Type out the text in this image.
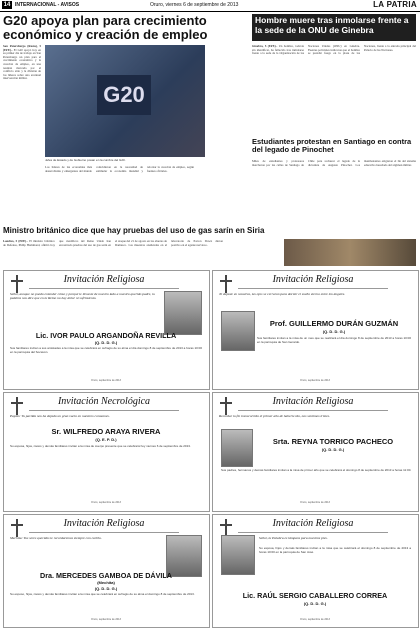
14 INTERNACIONAL - AVISOS	Oruro, viernes 6 de septiembre de 2013	LA PATRIA
G20 apoya plan para crecimiento económico y creación de empleo
San Petersburgo (Rusia), 5 (EFE).- El G20 apoyó hoy en su primer día de trabajo en San Petersburgo un plan para el crecimiento económico y la creación de empleo, en una reunión marcada por el conflicto sirio y la división de los líderes sobre una eventual intervención militar.
G20
Jefes de Estado y de Gobierno posan en la cumbre del G20.
Los líderes de las economías más desarrolladas y emergentes del mundo coincidieron en la necesidad de estimular la economía mundial y reforzar la creación de empleo, según fuentes oficiales.
Hombre muere tras inmolarse frente a la sede de la ONU de Ginebra
Ginebra, 5 (EFE).- Un hombre, todavía sin identificar, ha fallecido tras inmolarse frente a la sede de la Organización de las Naciones Unidas (ONU) en Ginebra. Fuentes policiales indicaron que el hombre se prendió fuego en la plaza de las Naciones, frente a la entrada principal del Palacio de las Naciones.
Estudiantes protestan en Santiago en contra del legado de Pinochet
Miles de estudiantes y profesores marcharon por las calles de Santiago de Chile para rechazar el legado de la dictadura de Augusto Pinochet. Los manifestantes exigieron el fin del sistema educativo heredado del régimen militar.
Ministro británico dice que hay pruebas del uso de gas sarín en Siria
Londres, 5 (EFE).- El ministro británico de Defensa, Philip Hammond, afirmó hoy que científicos del Reino Unido han encontrado pruebas del uso de gas sarín en el ataque del 21 de agosto en las afueras de Damasco. Las muestras analizadas en el laboratorio de Porton Down dieron positivo en el agente nervioso.
Invitación Religiosa
Señor, aunque no puedo entender cómo y porqué te llevaste de nuestro lado a nuestro querido padre, tu palabra nos dice que en tu Reino no hay dolor ni sufrimiento.
Lic. IVOR PAULO ARGANDOÑA REVILLA
(Q. D. D. G.)
Sus familiares invitan a sus amistades a la misa que se celebrará en sufragio de su alma el día domingo 8 de septiembre de 2013 a horas 10:00 en la parroquia del Socavón.
Oruro, septiembre de 2013
Invitación Religiosa
Te dejaste en nosotros, tus ojos se cerraron para dormir el sueño eterno entre los ángeles.
Prof. GUILLERMO DURÁN GUZMÁN
(Q. D. D. G.)
Sus familiares invitan a la misa de un mes que se realizará el día domingo 8 de septiembre de 2013 a horas 10:00 en la parroquia de San Gerardo.
Oruro, septiembre de 2013
Invitación Necrológica
Papito: Tu partida nos ha dejado un gran vacío en nuestros corazones.
Sr. WILFREDO ARAYA RIVERA
(Q. E. P. D.)
Su esposa, hijos, nietos y demás familiares invitan a la misa de cuerpo presente que se celebrará hoy viernes 6 de septiembre de 2013.
Oruro, septiembre de 2013
Invitación Religiosa
Recordar tu fin transcurrido el primer año de haberte ido, nos sentimos tristes.
Srta. REYNA TORRICO PACHECO
(Q. D. D. G.)
Sus padres, hermanos y demás familiares invitan a la misa de primer año que se celebrará el domingo 8 de septiembre de 2013 a horas 11:00.
Oruro, septiembre de 2013
Invitación Religiosa
Mechita: Tus seres queridos te recordaremos siempre con cariño.
Dra. MERCEDES GAMBOA DE DÁVILA
(Mechita)
(Q. D. D. G.)
Su esposo, hijos, nietos y demás familiares invitan a la misa que se celebrará en sufragio de su alma el domingo 8 de septiembre de 2013.
Oruro, septiembre de 2013
Invitación Religiosa
Señor, tu Palabra es lámpara para nuestros pies.
Su esposa, hijos y demás familiares invitan a la misa que se celebrará el domingo 8 de septiembre de 2013 a horas 10:00 en la parroquia de San José.
Lic. RAÚL SERGIO CABALLERO CORREA
(Q. D. D. G.)
Oruro, septiembre de 2013
